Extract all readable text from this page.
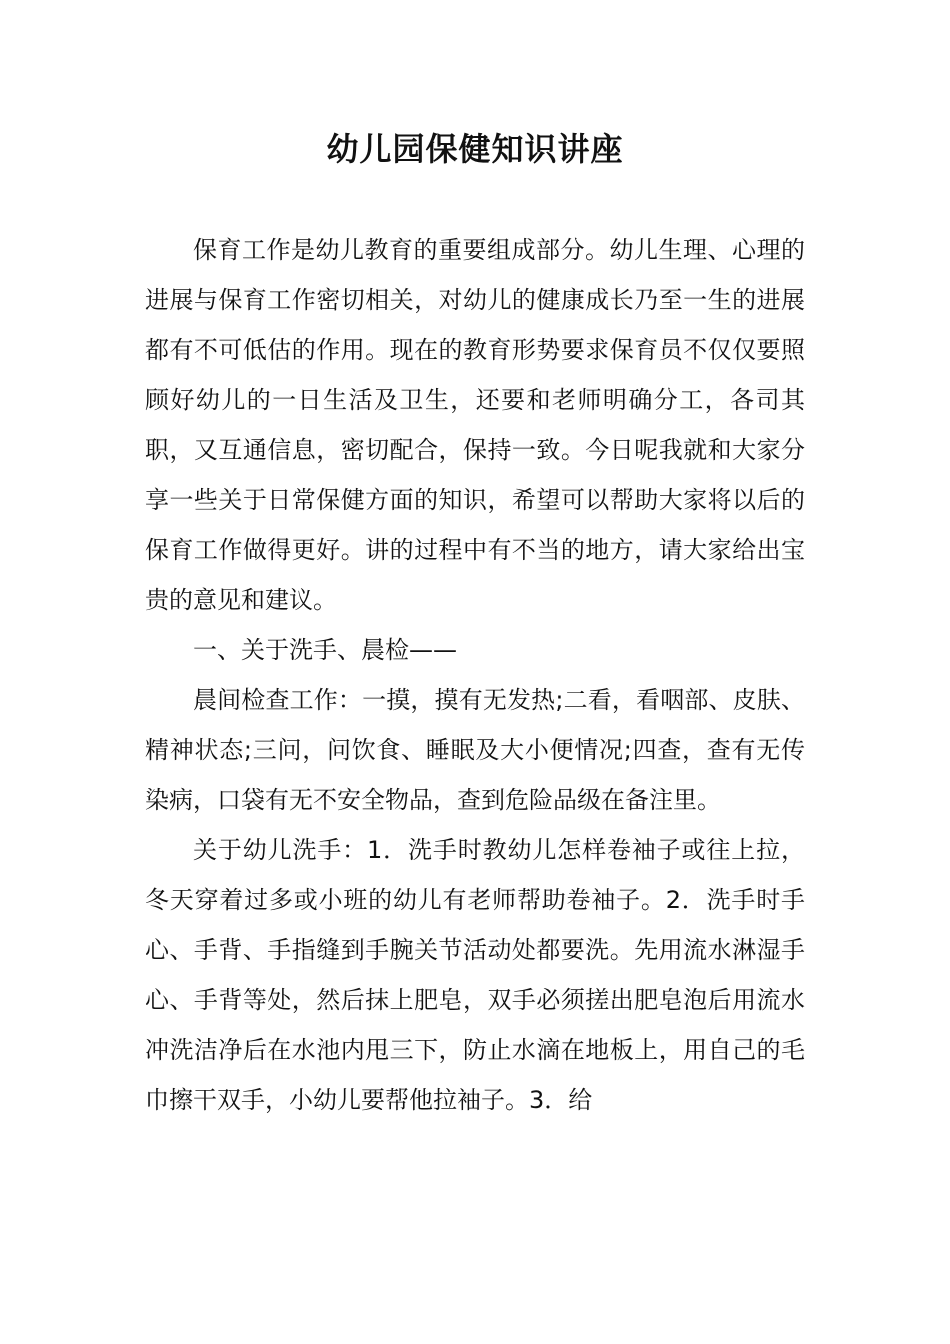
幼儿园保健知识讲座

保育工作是幼儿教育的重要组成部分。幼儿生理、心理的进展与保育工作密切相关，对幼儿的健康成长乃至一生的进展都有不可低估的作用。现在的教育形势要求保育员不仅仅要照顾好幼儿的一日生活及卫生，还要和老师明确分工，各司其职，又互通信息，密切配合，保持一致。今日呢我就和大家分享一些关于日常保健方面的知识，希望可以帮助大家将以后的保育工作做得更好。讲的过程中有不当的地方，请大家给出宝贵的意见和建议。

一、关于洗手、晨检——

晨间检查工作：一摸，摸有无发热;二看，看咽部、皮肤、精神状态;三问，问饮食、睡眠及大小便情况;四查，查有无传染病，口袋有无不安全物品，查到危险品级在备注里。

关于幼儿洗手：1．洗手时教幼儿怎样卷袖子或往上拉，冬天穿着过多或小班的幼儿有老师帮助卷袖子。2．洗手时手心、手背、手指缝到手腕关节活动处都要洗。先用流水淋湿手心、手背等处，然后抹上肥皂，双手必须搓出肥皂泡后用流水冲洗洁净后在水池内甩三下，防止水滴在地板上，用自己的毛巾擦干双手，小幼儿要帮他拉袖子。3．给
